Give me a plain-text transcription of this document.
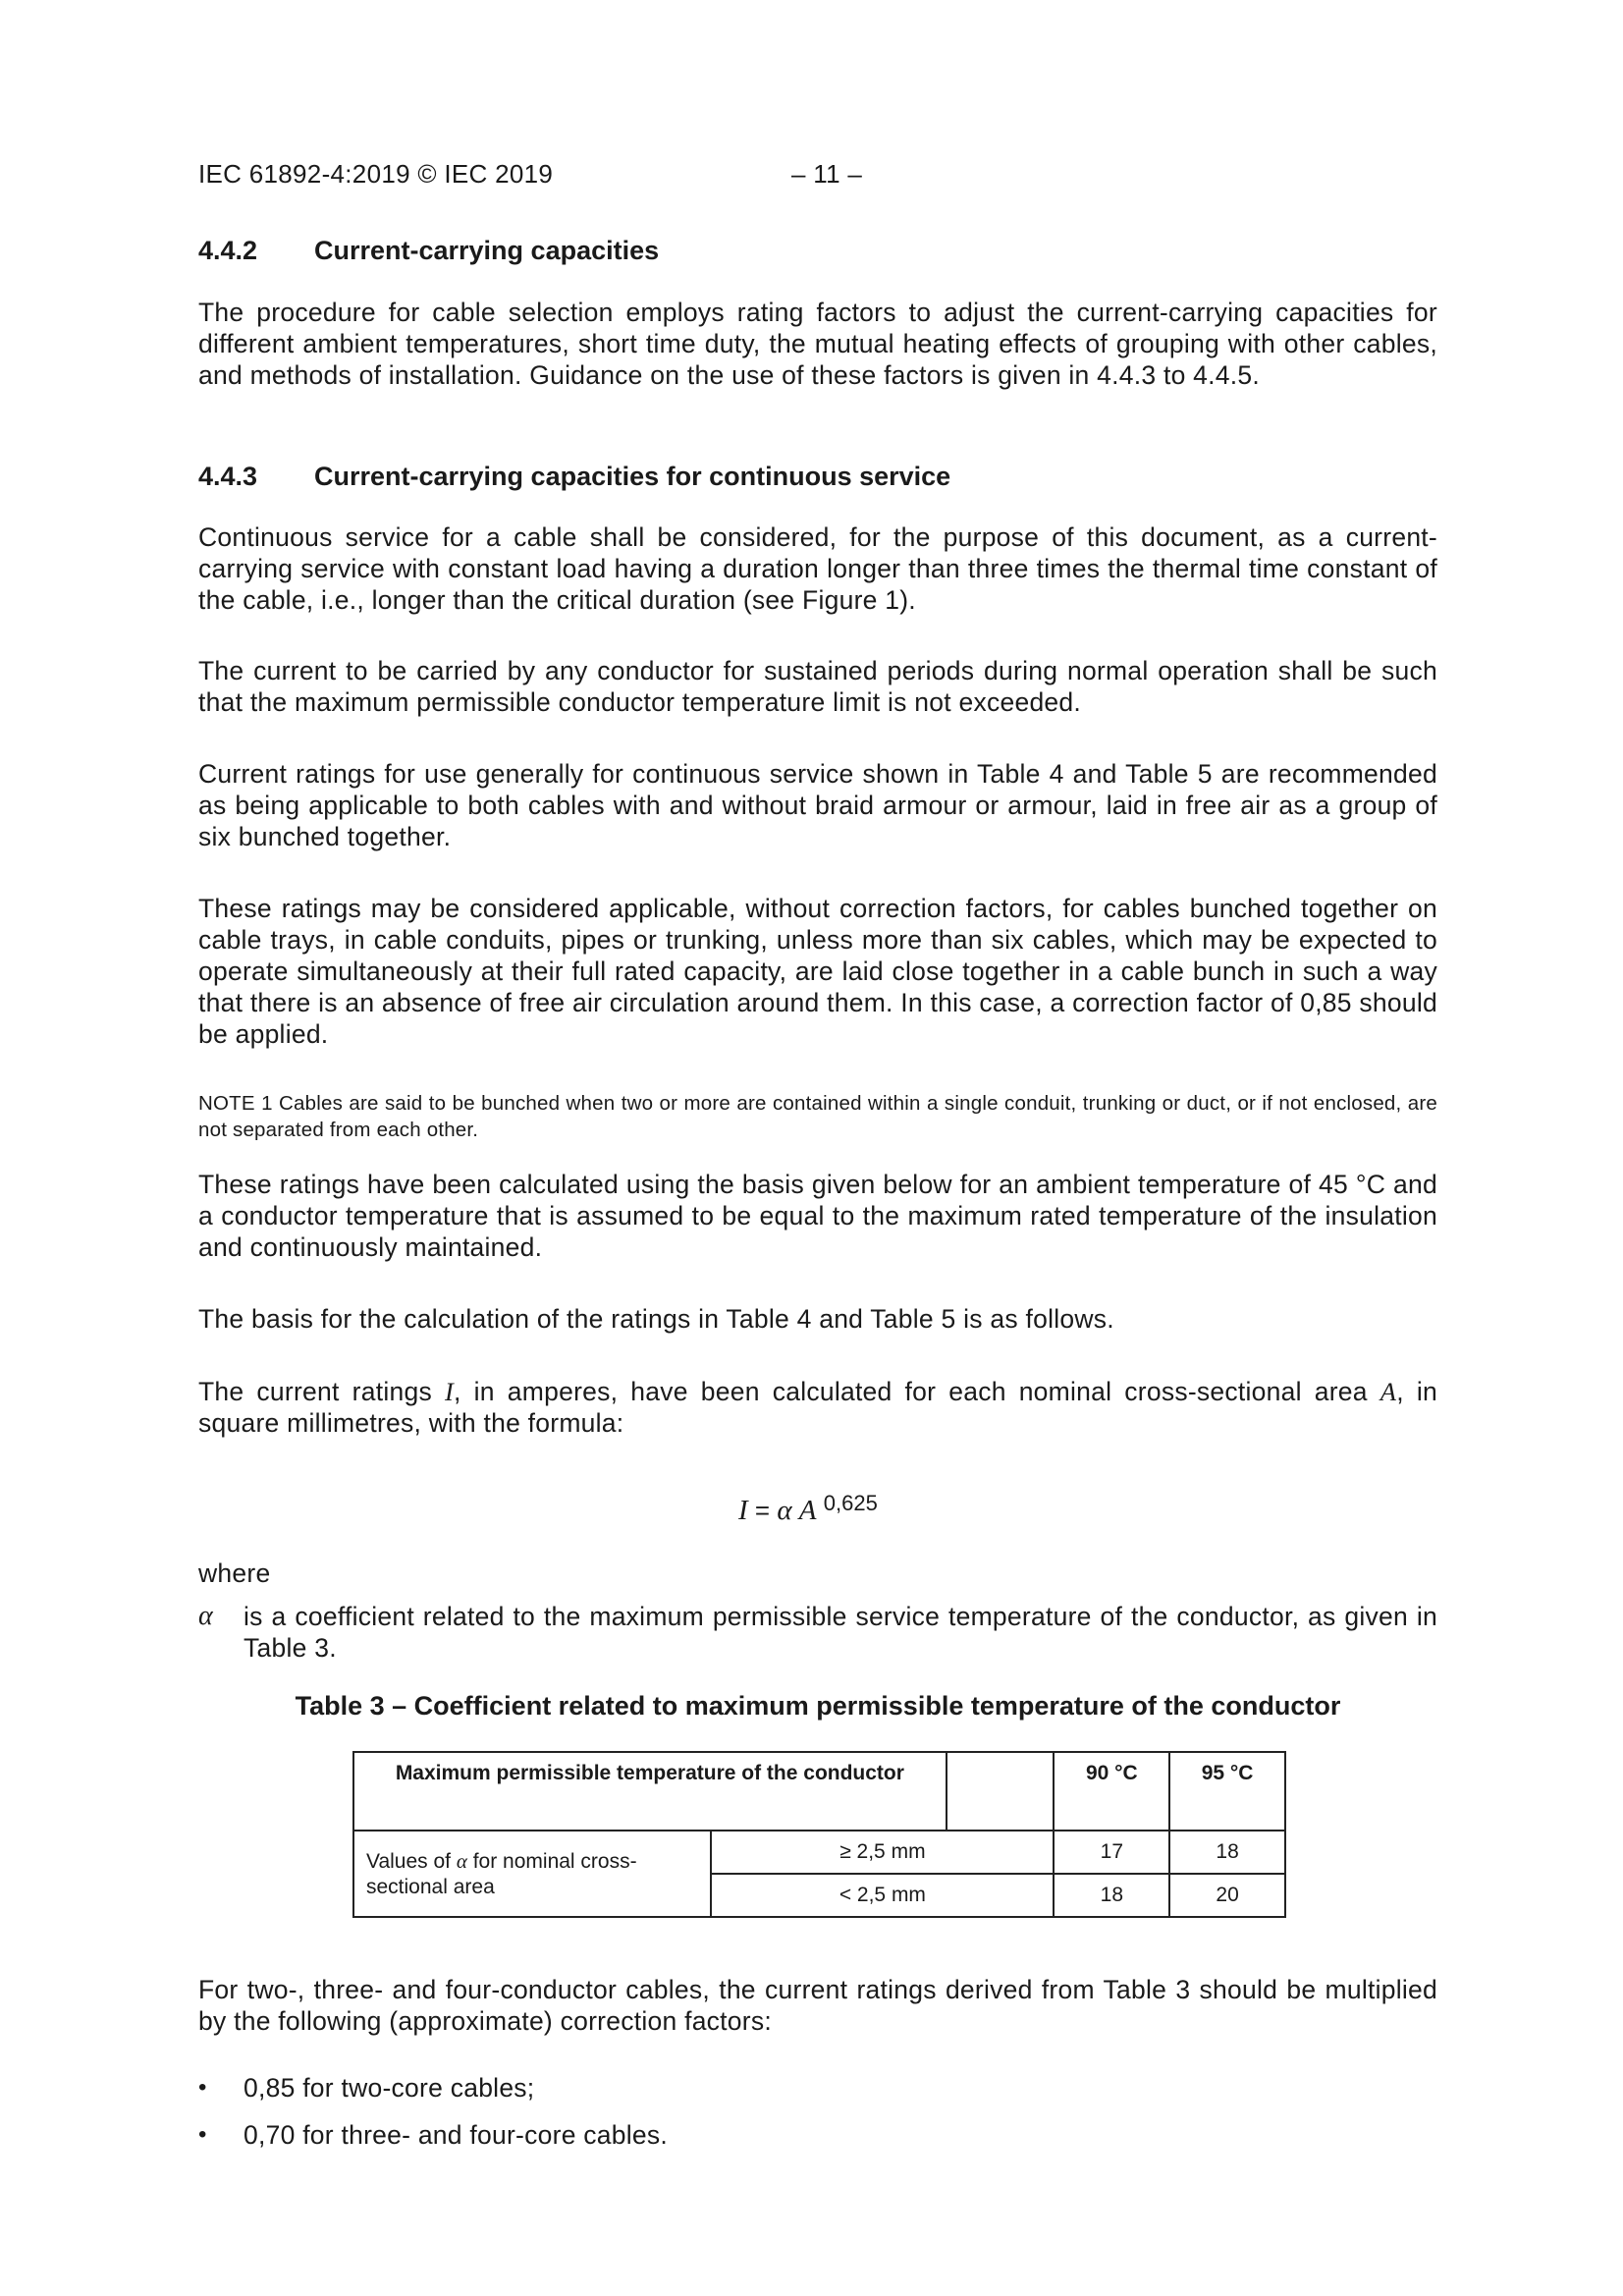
IEC 61892-4:2019 © IEC 2019	– 11 –
4.4.2 Current-carrying capacities
The procedure for cable selection employs rating factors to adjust the current-carrying capacities for different ambient temperatures, short time duty, the mutual heating effects of grouping with other cables, and methods of installation. Guidance on the use of these factors is given in 4.4.3 to 4.4.5.
4.4.3 Current-carrying capacities for continuous service
Continuous service for a cable shall be considered, for the purpose of this document, as a current-carrying service with constant load having a duration longer than three times the thermal time constant of the cable, i.e., longer than the critical duration (see Figure 1).
The current to be carried by any conductor for sustained periods during normal operation shall be such that the maximum permissible conductor temperature limit is not exceeded.
Current ratings for use generally for continuous service shown in Table 4 and Table 5 are recommended as being applicable to both cables with and without braid armour or armour, laid in free air as a group of six bunched together.
These ratings may be considered applicable, without correction factors, for cables bunched together on cable trays, in cable conduits, pipes or trunking, unless more than six cables, which may be expected to operate simultaneously at their full rated capacity, are laid close together in a cable bunch in such a way that there is an absence of free air circulation around them. In this case, a correction factor of 0,85 should be applied.
NOTE 1 Cables are said to be bunched when two or more are contained within a single conduit, trunking or duct, or if not enclosed, are not separated from each other.
These ratings have been calculated using the basis given below for an ambient temperature of 45 °C and a conductor temperature that is assumed to be equal to the maximum rated temperature of the insulation and continuously maintained.
The basis for the calculation of the ratings in Table 4 and Table 5 is as follows.
The current ratings I, in amperes, have been calculated for each nominal cross-sectional area A, in square millimetres, with the formula:
I = α A $^{0,625}$
where
α is a coefficient related to the maximum permissible service temperature of the conductor, as given in Table 3.
Table 3 – Coefficient related to maximum permissible temperature of the conductor
Maximum permissible temperature of the conductor			90 °C	95 °C
Values of α for nominal cross-sectional area	≥ 2,5 mm		17	18
	< 2,5 mm		18	20
For two-, three- and four-conductor cables, the current ratings derived from Table 3 should be multiplied by the following (approximate) correction factors:
• 0,85 for two-core cables;
• 0,70 for three- and four-core cables.
